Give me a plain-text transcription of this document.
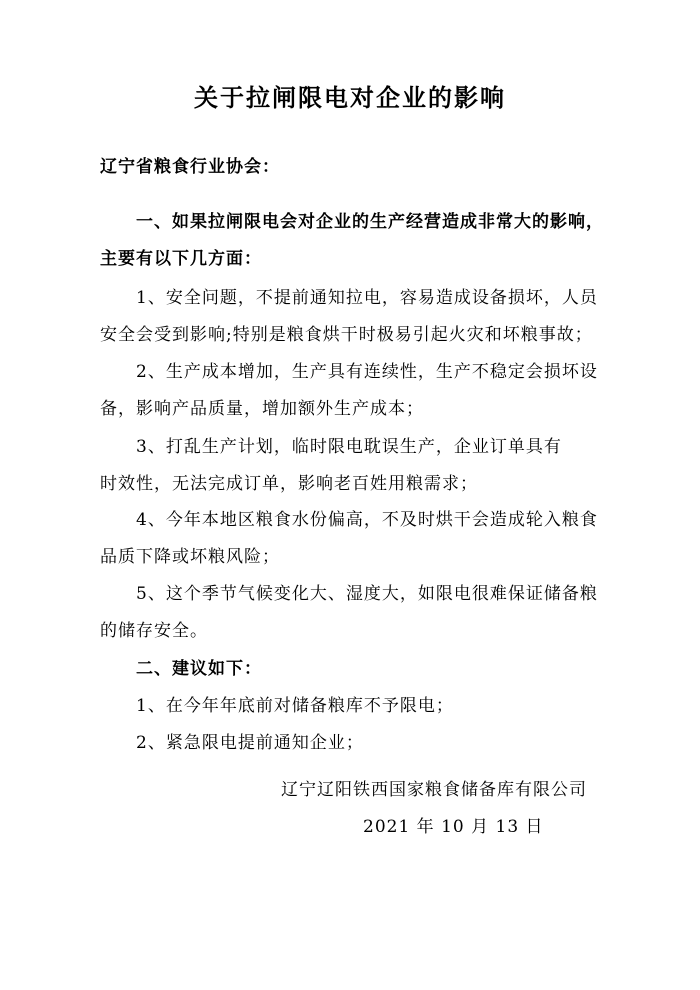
关于拉闸限电对企业的影响
辽宁省粮食行业协会：
一、如果拉闸限电会对企业的生产经营造成非常大的影响，
主要有以下几方面：
1、安全问题，不提前通知拉电，容易造成设备损坏，人员
安全会受到影响;特别是粮食烘干时极易引起火灾和坏粮事故；
2、生产成本增加，生产具有连续性，生产不稳定会损坏设
备，影响产品质量，增加额外生产成本；
3、打乱生产计划，临时限电耽误生产，企业订单具有
时效性，无法完成订单，影响老百姓用粮需求；
4、今年本地区粮食水份偏高，不及时烘干会造成轮入粮食
品质下降或坏粮风险；
5、这个季节气候变化大、湿度大，如限电很难保证储备粮
的储存安全。
二、建议如下：
1、在今年年底前对储备粮库不予限电；
2、紧急限电提前通知企业；
辽宁辽阳铁西国家粮食储备库有限公司
2021 年 10 月 13 日
